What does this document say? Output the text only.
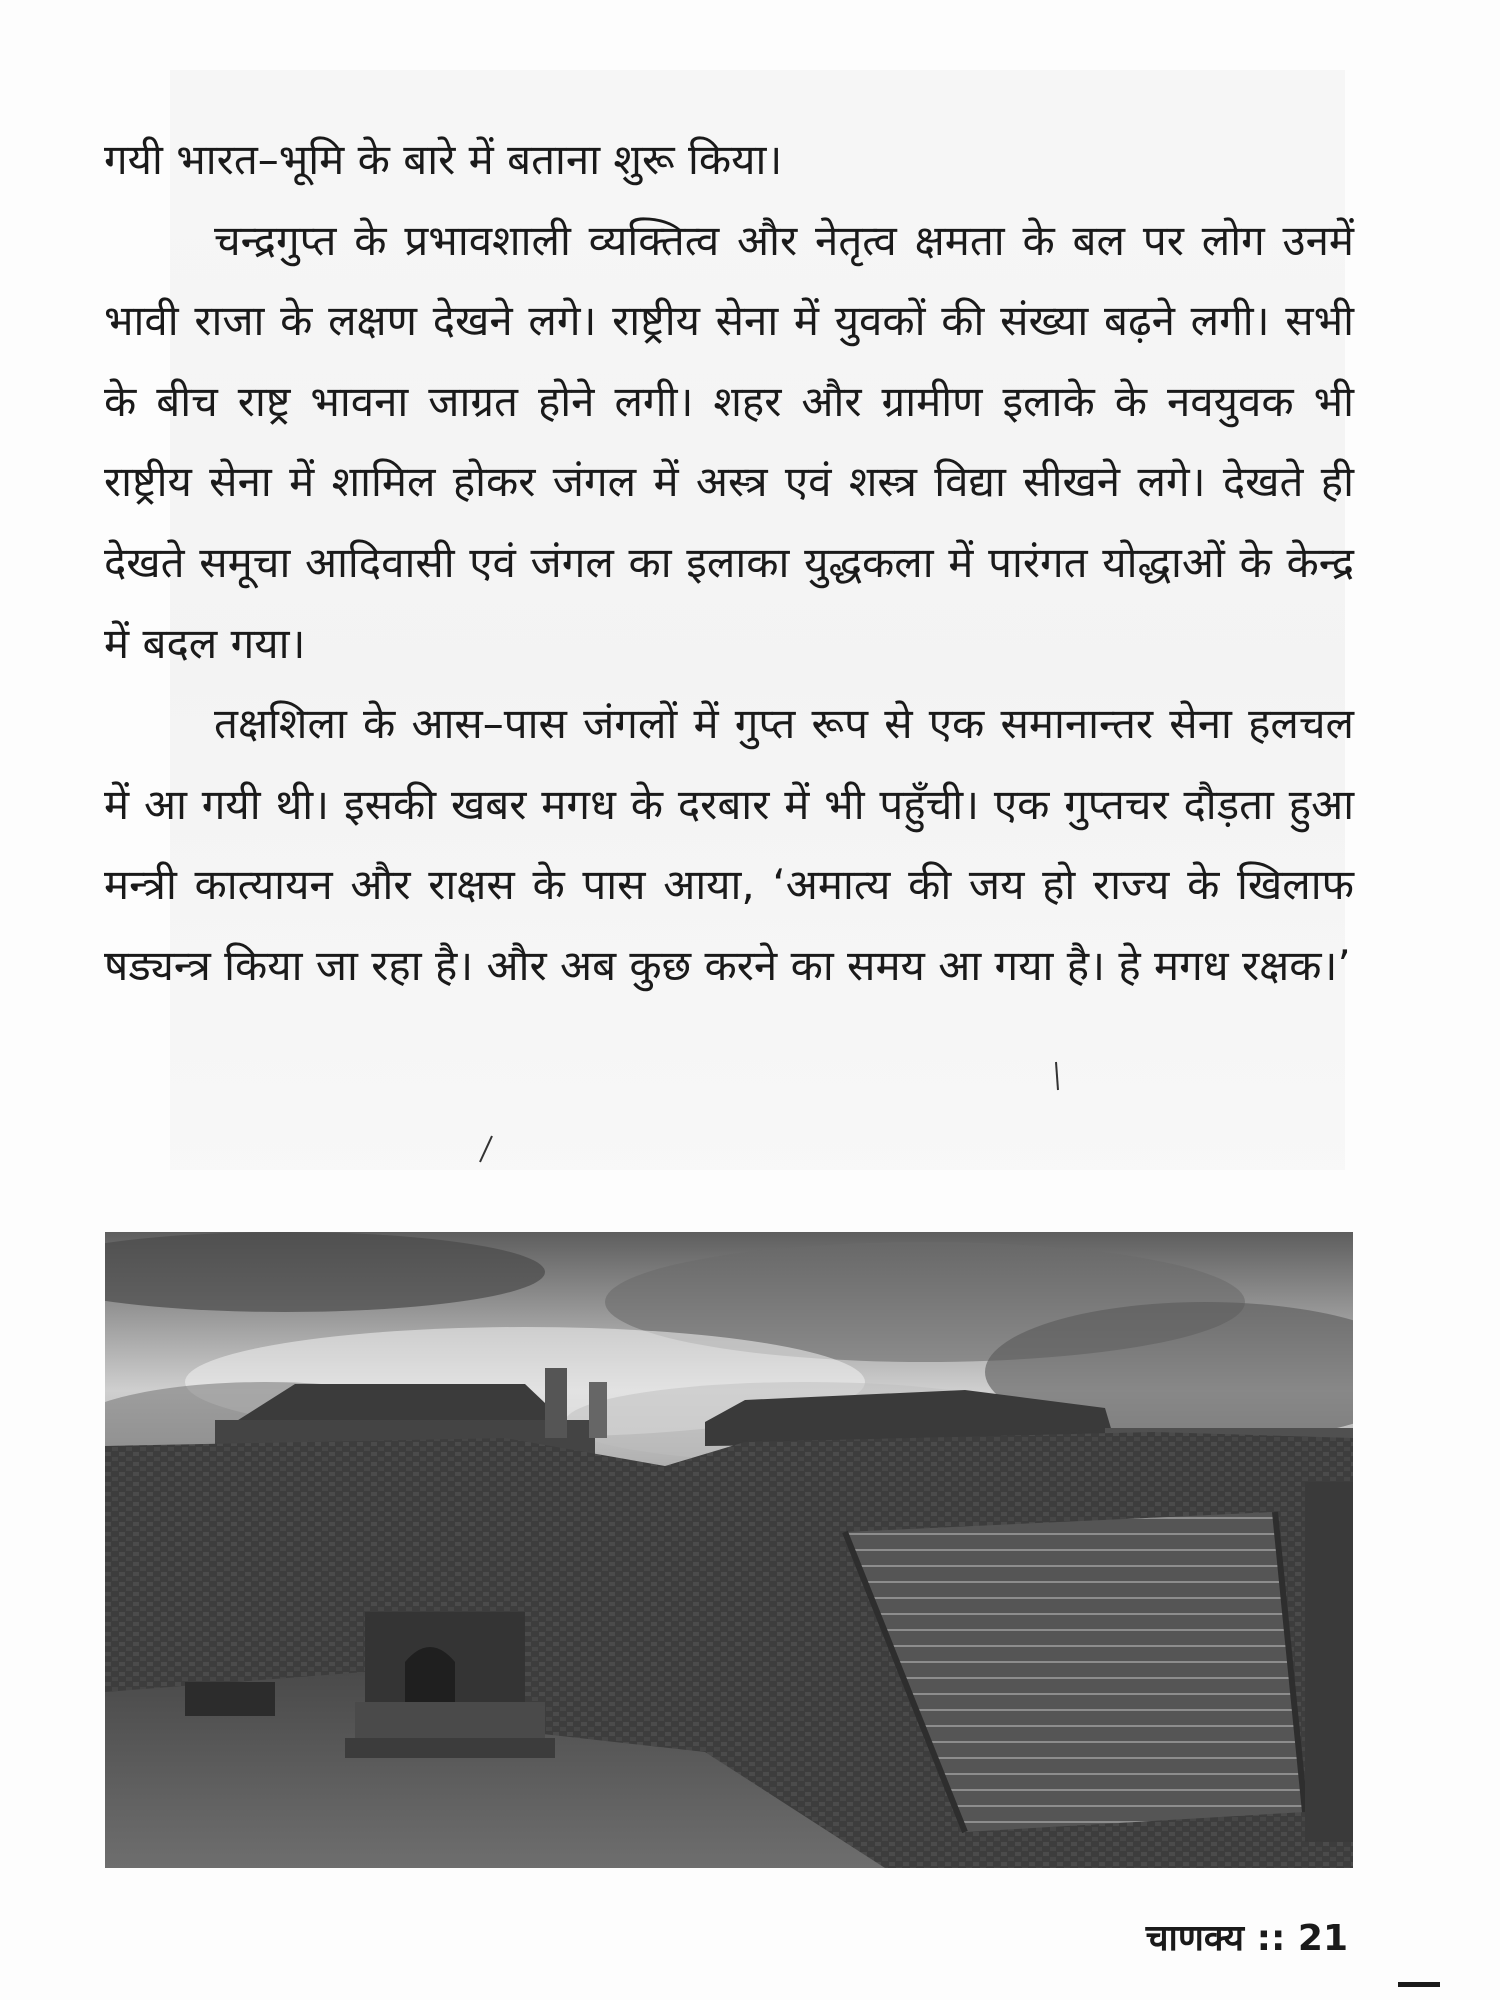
गयी भारत–भूमि के बारे में बताना शुरू किया।

चन्द्रगुप्त के प्रभावशाली व्यक्तित्व और नेतृत्व क्षमता के बल पर लोग उनमें भावी राजा के लक्षण देखने लगे। राष्ट्रीय सेना में युवकों की संख्या बढ़ने लगी। सभी के बीच राष्ट्र भावना जाग्रत होने लगी। शहर और ग्रामीण इलाके के नवयुवक भी राष्ट्रीय सेना में शामिल होकर जंगल में अस्त्र एवं शस्त्र विद्या सीखने लगे। देखते ही देखते समूचा आदिवासी एवं जंगल का इलाका युद्धकला में पारंगत योद्धाओं के केन्द्र में बदल गया।

तक्षशिला के आस–पास जंगलों में गुप्त रूप से एक समानान्तर सेना हलचल में आ गयी थी। इसकी खबर मगध के दरबार में भी पहुँची। एक गुप्तचर दौड़ता हुआ मन्त्री कात्यायन और राक्षस के पास आया, ‘अमात्य की जय हो राज्य के खिलाफ षड्यन्त्र किया जा रहा है। और अब कुछ करने का समय आ गया है। हे मगध रक्षक।’

चाणक्य :: 21
